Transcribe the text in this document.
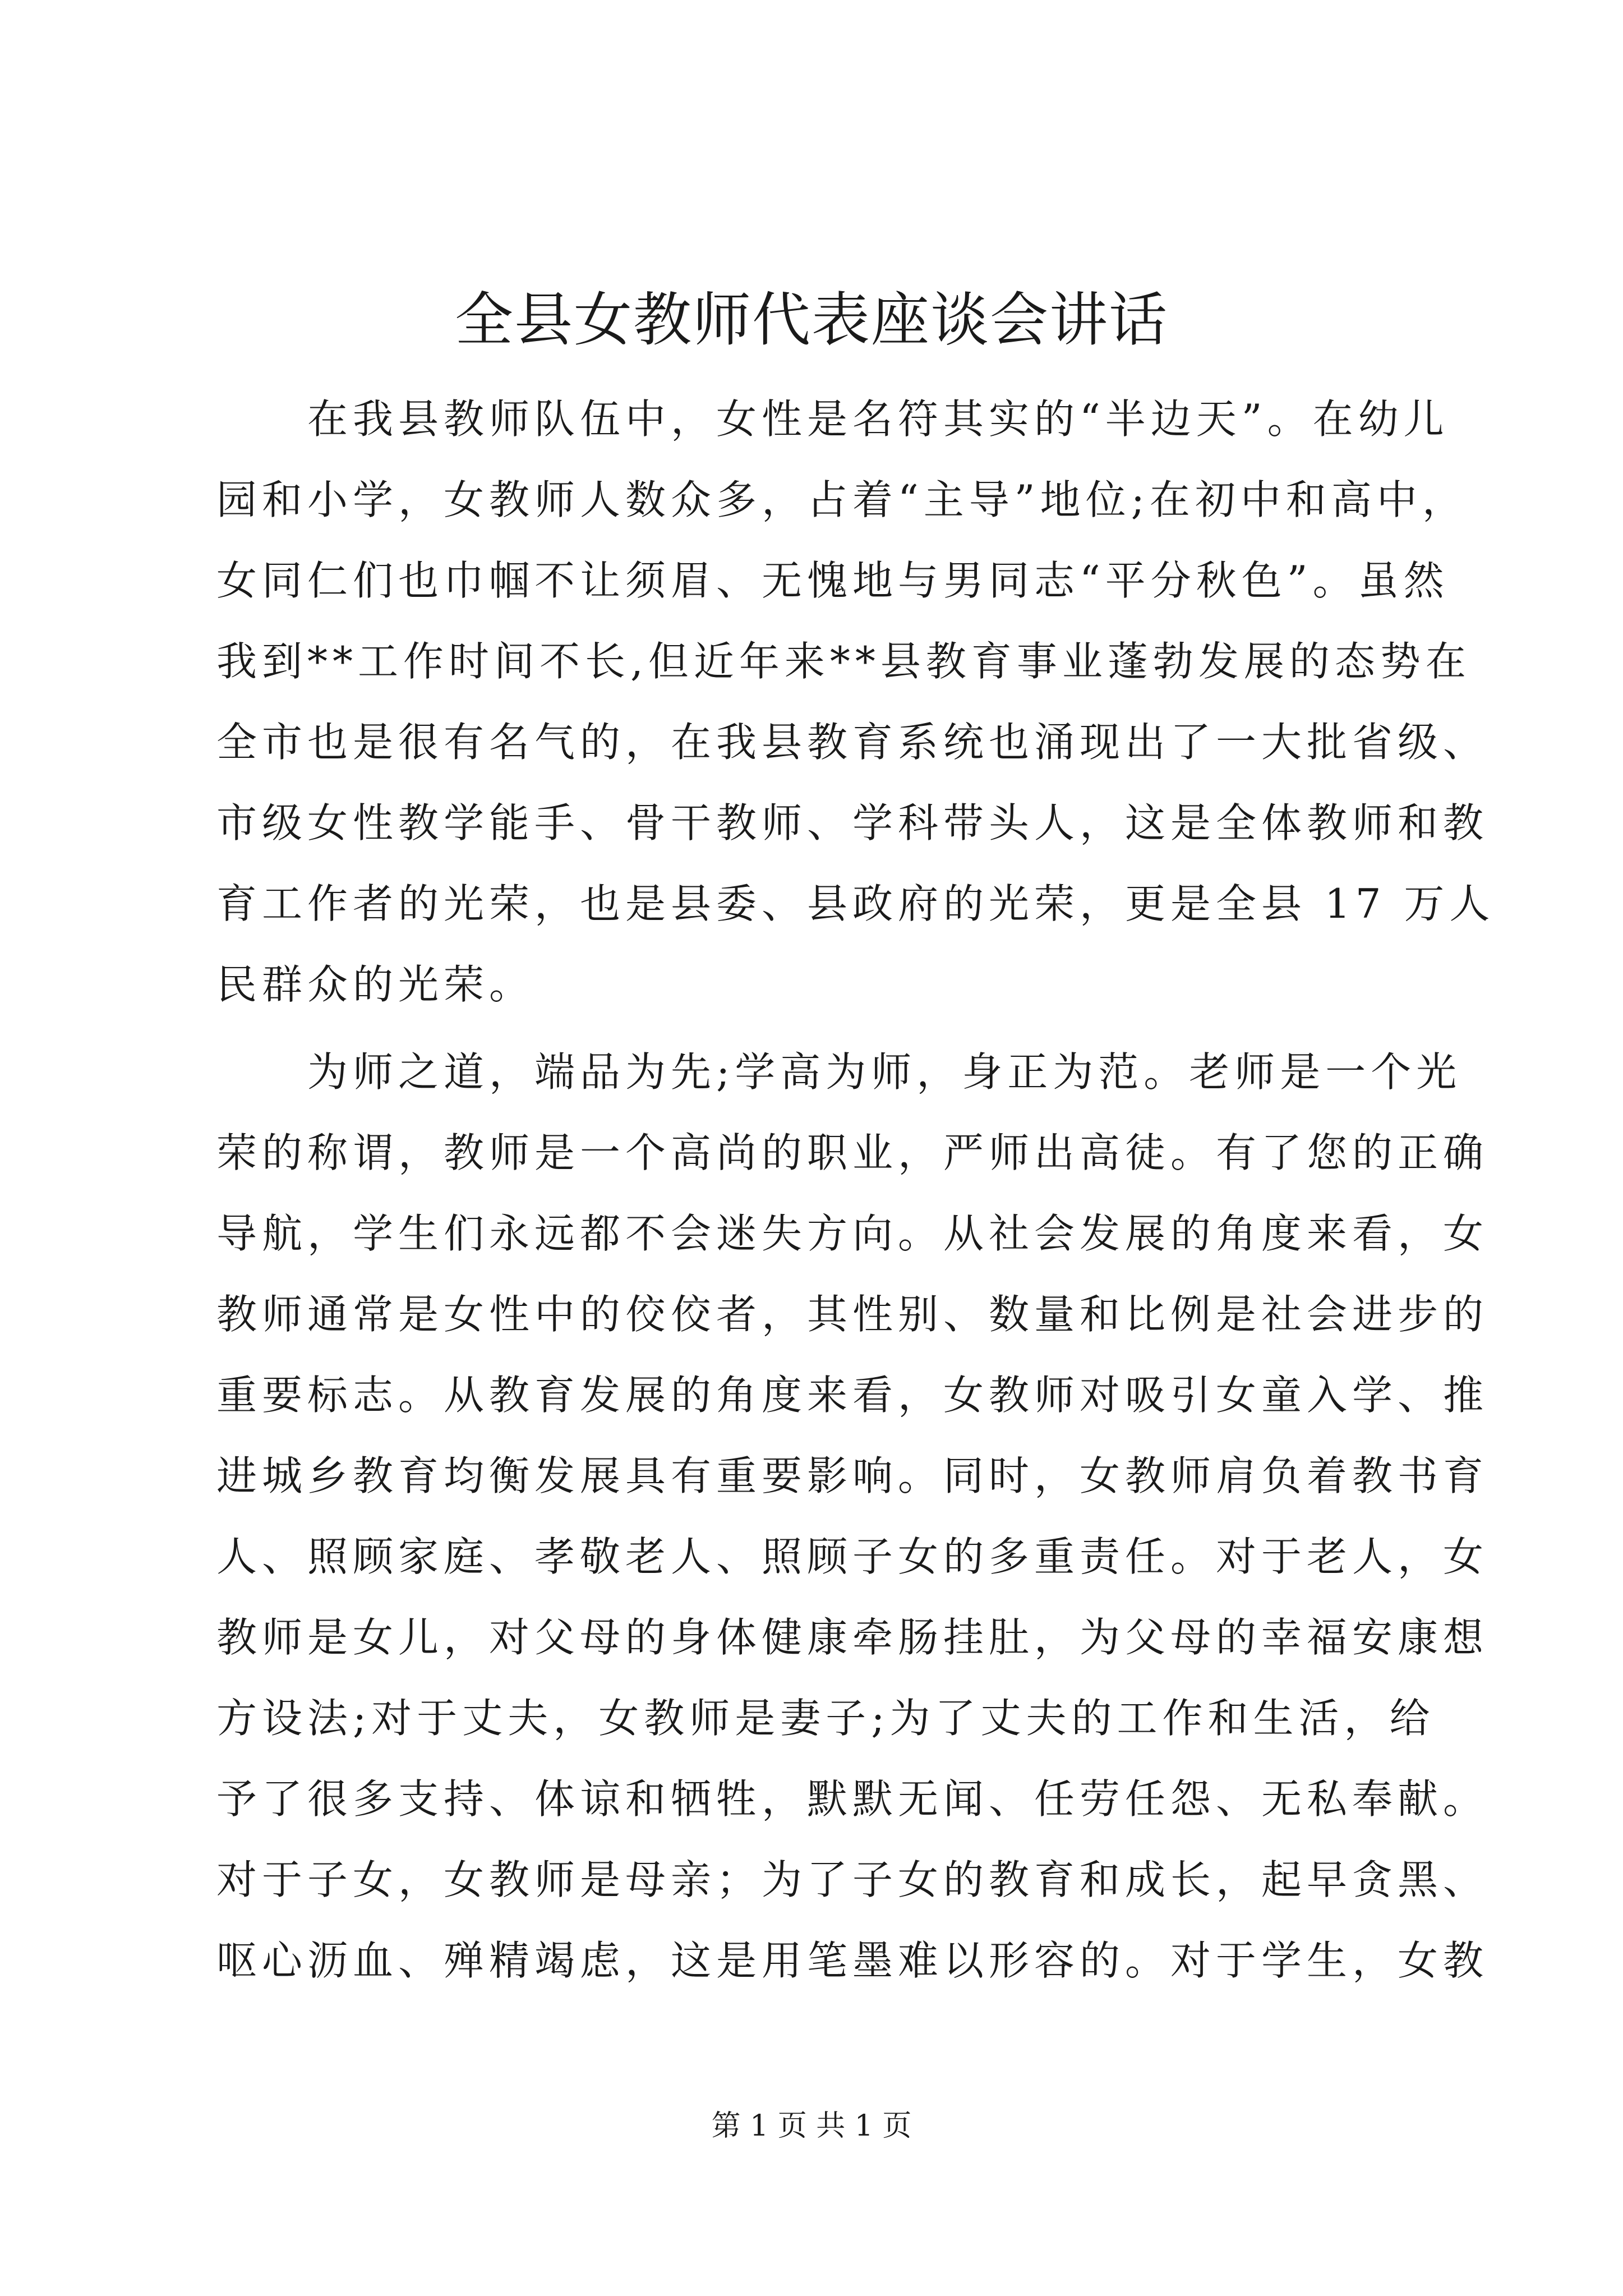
全县女教师代表座谈会讲话
在我县教师队伍中，女性是名符其实的“半边天”。在幼儿
园和小学，女教师人数众多，占着“主导”地位;在初中和高中，
女同仁们也巾帼不让须眉、无愧地与男同志“平分秋色”。虽然
我到**工作时间不长,但近年来**县教育事业蓬勃发展的态势在
全市也是很有名气的，在我县教育系统也涌现出了一大批省级、
市级女性教学能手、骨干教师、学科带头人，这是全体教师和教
育工作者的光荣，也是县委、县政府的光荣，更是全县 17 万人
民群众的光荣。
为师之道，端品为先;学高为师，身正为范。老师是一个光
荣的称谓，教师是一个高尚的职业，严师出高徒。有了您的正确
导航，学生们永远都不会迷失方向。从社会发展的角度来看，女
教师通常是女性中的佼佼者，其性别、数量和比例是社会进步的
重要标志。从教育发展的角度来看，女教师对吸引女童入学、推
进城乡教育均衡发展具有重要影响。同时，女教师肩负着教书育
人、照顾家庭、孝敬老人、照顾子女的多重责任。对于老人，女
教师是女儿，对父母的身体健康牵肠挂肚，为父母的幸福安康想
方设法;对于丈夫，女教师是妻子;为了丈夫的工作和生活，给
予了很多支持、体谅和牺牲，默默无闻、任劳任怨、无私奉献。
对于子女，女教师是母亲；为了子女的教育和成长，起早贪黑、
呕心沥血、殚精竭虑，这是用笔墨难以形容的。对于学生，女教
第 1 页 共 1 页
